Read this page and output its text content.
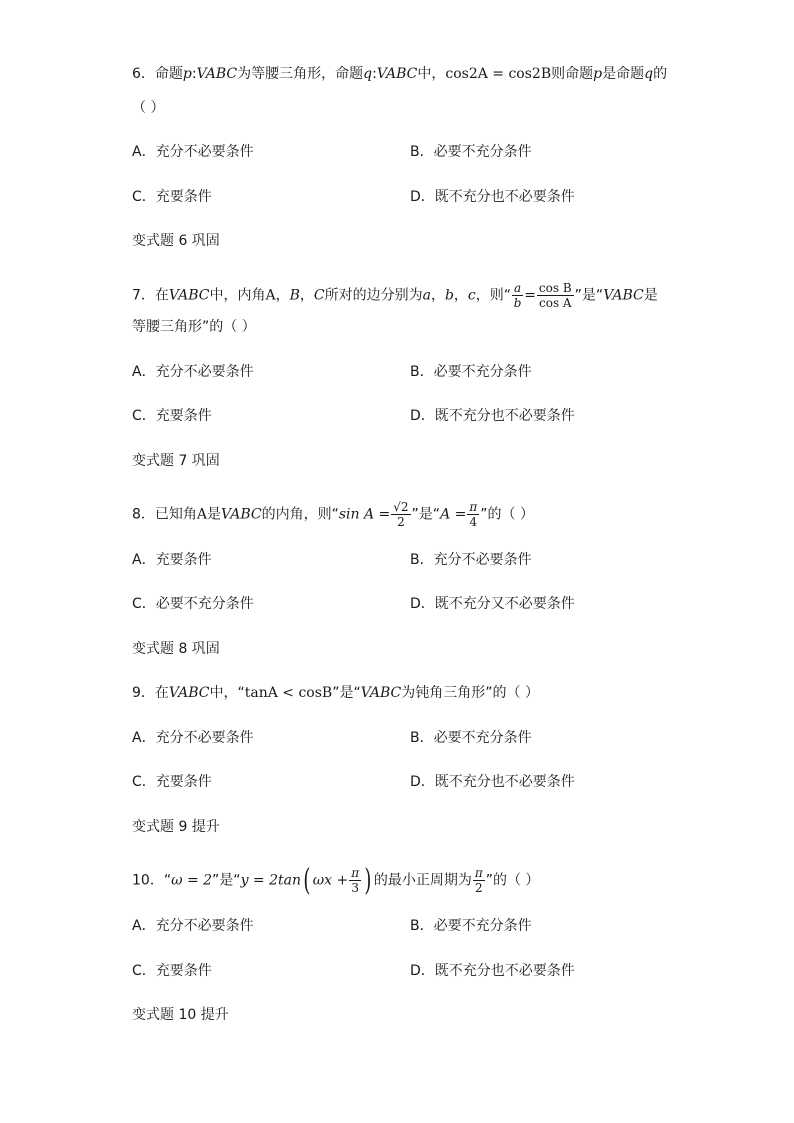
6．命题p:VABC为等腰三角形，命题q:VABC中，cos2A = cos2B则命题p是命题q的
（ ）
A．充分不必要条件	B．必要不充分条件
C．充要条件	D．既不充分也不必要条件
变式题 6 巩固
7．在VABC中，内角A，B，C所对的边分别为a，b，c，则“ $\frac{a}{b} = \frac{\text{cos B}}{\text{cos A}}$ ”是“VABC是
等腰三角形”的（ ）
A．充分不必要条件	B．必要不充分条件
C．充要条件	D．既不充分也不必要条件
变式题 7 巩固
8．已知角A是VABC的内角，则“sin $A = \frac{√2}{2}$ ”是“$A = \frac{\pi}{4}$ ”的（ ）
A．充要条件	B．充分不必要条件
C．必要不充分条件	D．既不充分又不必要条件
变式题 8 巩固
9．在VABC中，“tanA < cosB”是“VABC为钝角三角形”的（ ）
A．充分不必要条件	B．必要不充分条件
C．充要条件	D．既不充分也不必要条件
变式题 9 提升
10．“ω = 2”是“y = 2tan( $\omega x + \frac{\pi}{3}$ ) 的最小正周期为 $\frac{\pi}{2}$ ”的（ ）
A．充分不必要条件	B．必要不充分条件
C．充要条件	D．既不充分也不必要条件
变式题 10 提升
